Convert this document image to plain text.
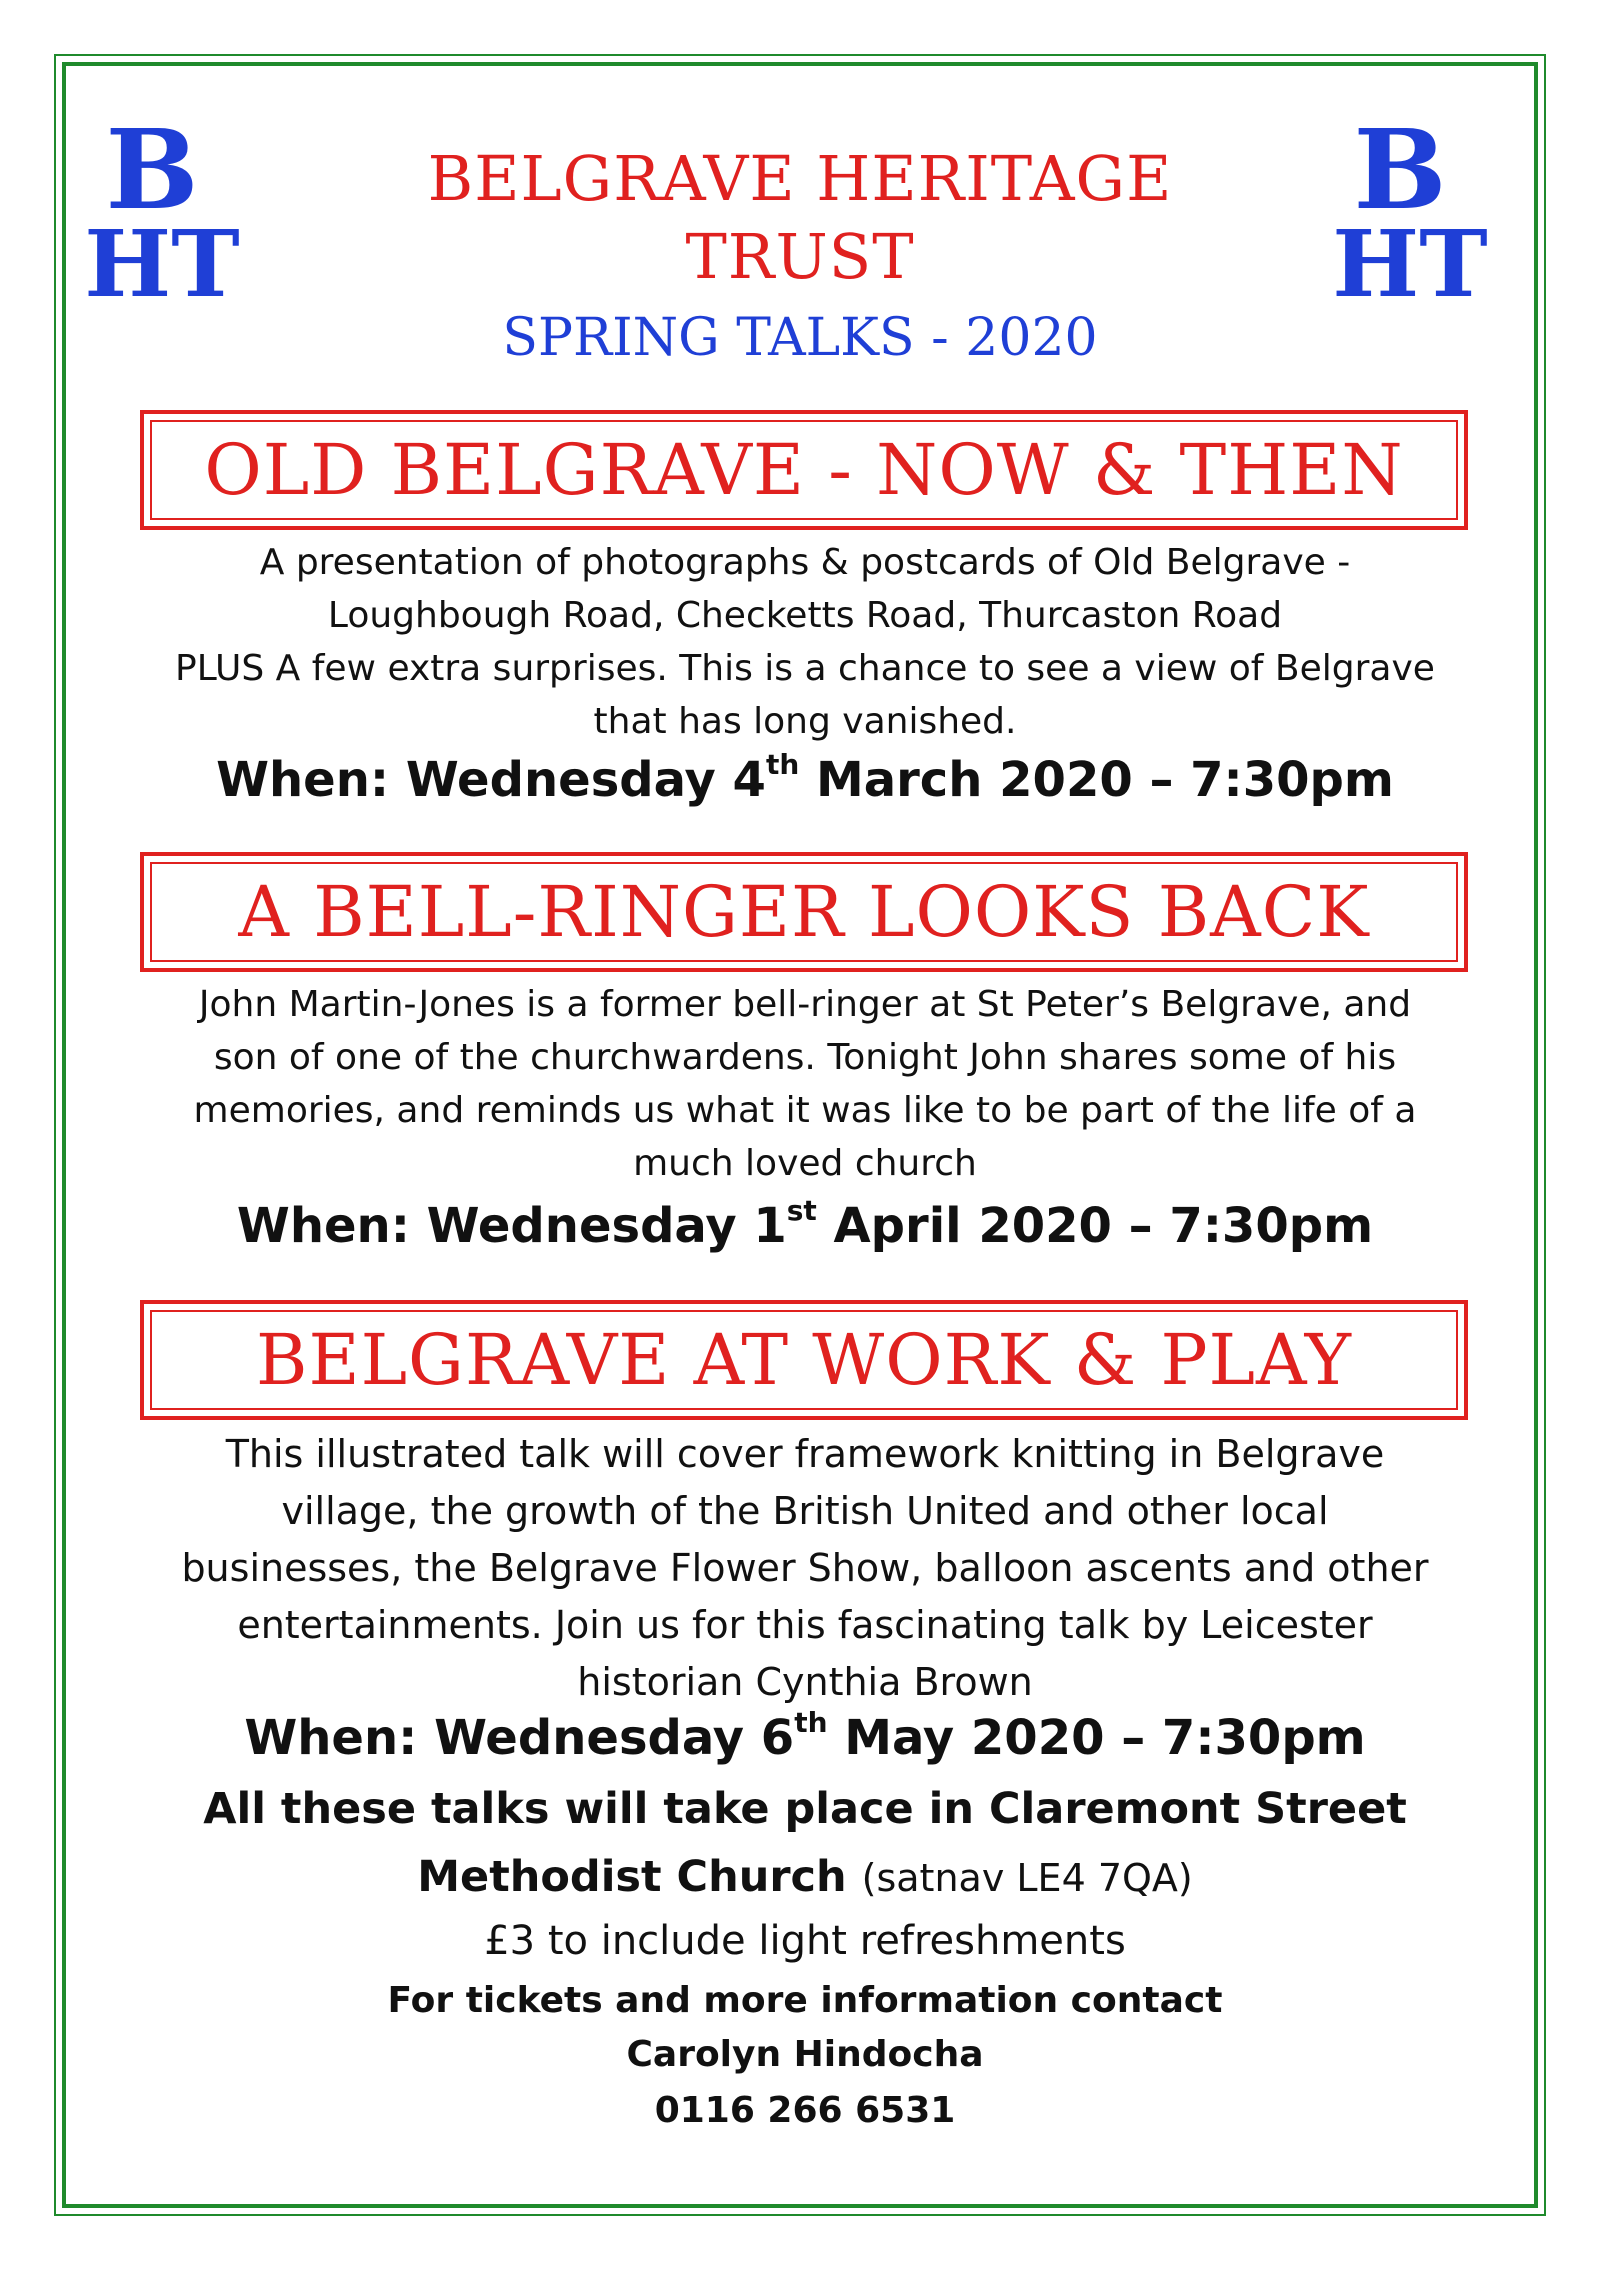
B
HT
B
HT
BELGRAVE HERITAGE
TRUST
SPRING TALKS - 2020
OLD BELGRAVE - NOW & THEN
A presentation of photographs & postcards of Old Belgrave -
Loughbough Road, Checketts Road, Thurcaston Road
PLUS A few extra surprises. This is a chance to see a view of Belgrave
that has long vanished.
When: Wednesday 4th March 2020 – 7:30pm
A BELL-RINGER LOOKS BACK
John Martin-Jones is a former bell-ringer at St Peter’s Belgrave, and
son of one of the churchwardens. Tonight John shares some of his
memories, and reminds us what it was like to be part of the life of a
much loved church
When: Wednesday 1st April 2020 – 7:30pm
BELGRAVE AT WORK & PLAY
This illustrated talk will cover framework knitting in Belgrave
village, the growth of the British United and other local
businesses, the Belgrave Flower Show, balloon ascents and other
entertainments. Join us for this fascinating talk by Leicester
historian Cynthia Brown
When: Wednesday 6th May 2020 – 7:30pm
All these talks will take place in Claremont Street
Methodist Church (satnav LE4 7QA)
£3 to include light refreshments
For tickets and more information contact
Carolyn Hindocha
0116 266 6531
